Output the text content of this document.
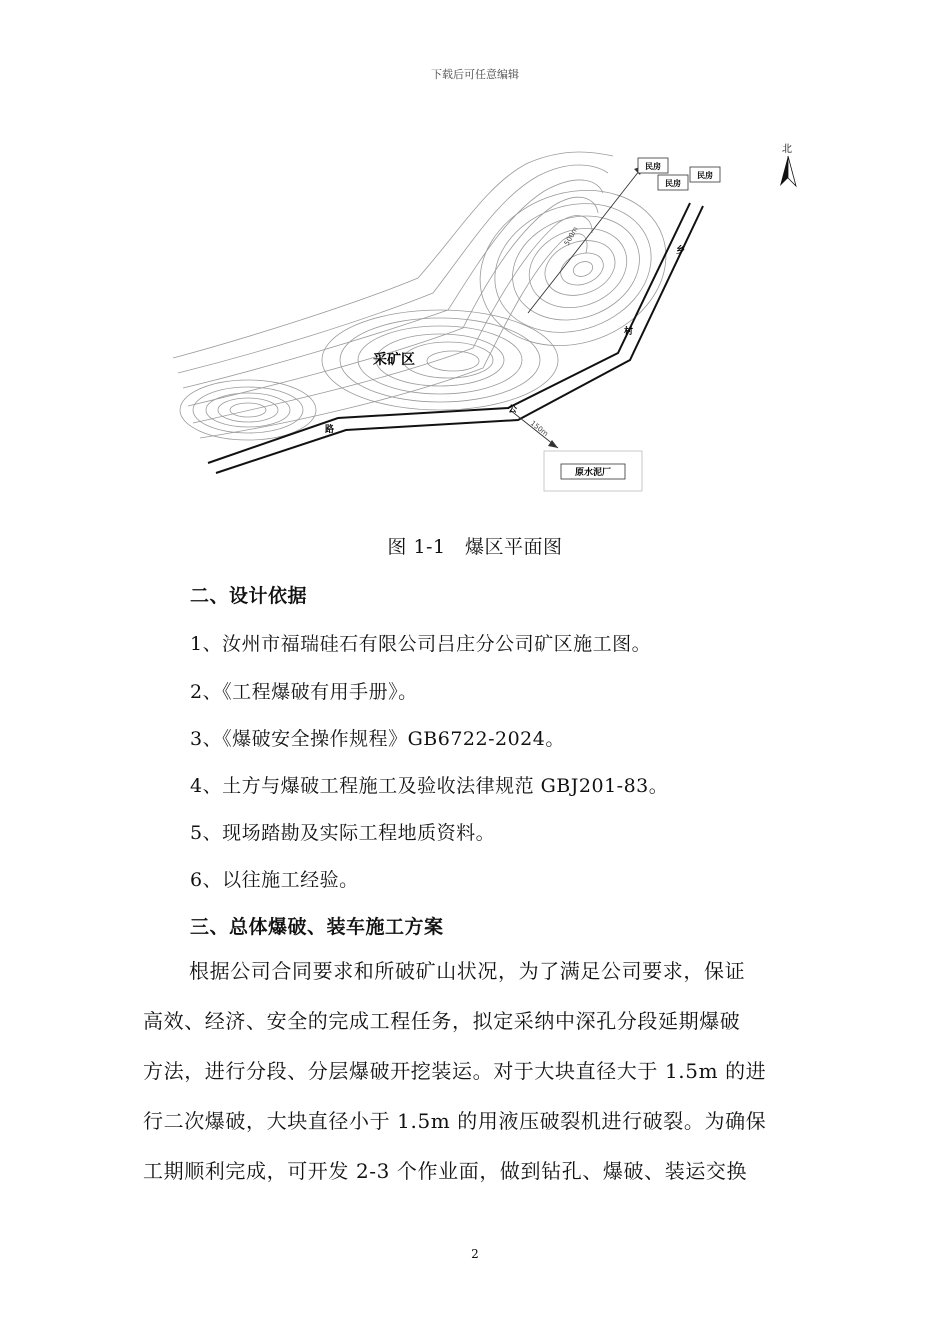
下载后可任意编辑
民房
民房
民房
原水泥厂
采矿区
500m
150m
乡
村
公
路
北
图 1-1　爆区平面图
二、设计依据
1、汝州市福瑞硅石有限公司吕庄分公司矿区施工图。
2、《工程爆破有用手册》。
3、《爆破安全操作规程》GB6722-2024。
4、土方与爆破工程施工及验收法律规范 GBJ201-83。
5、现场踏勘及实际工程地质资料。
6、以往施工经验。
三、总体爆破、装车施工方案
根据公司合同要求和所破矿山状况，为了满足公司要求，保证
高效、经济、安全的完成工程任务，拟定采纳中深孔分段延期爆破
方法，进行分段、分层爆破开挖装运。对于大块直径大于 1.5m 的进
行二次爆破，大块直径小于 1.5m 的用液压破裂机进行破裂。为确保
工期顺利完成，可开发 2-3 个作业面，做到钻孔、爆破、装运交换
2
